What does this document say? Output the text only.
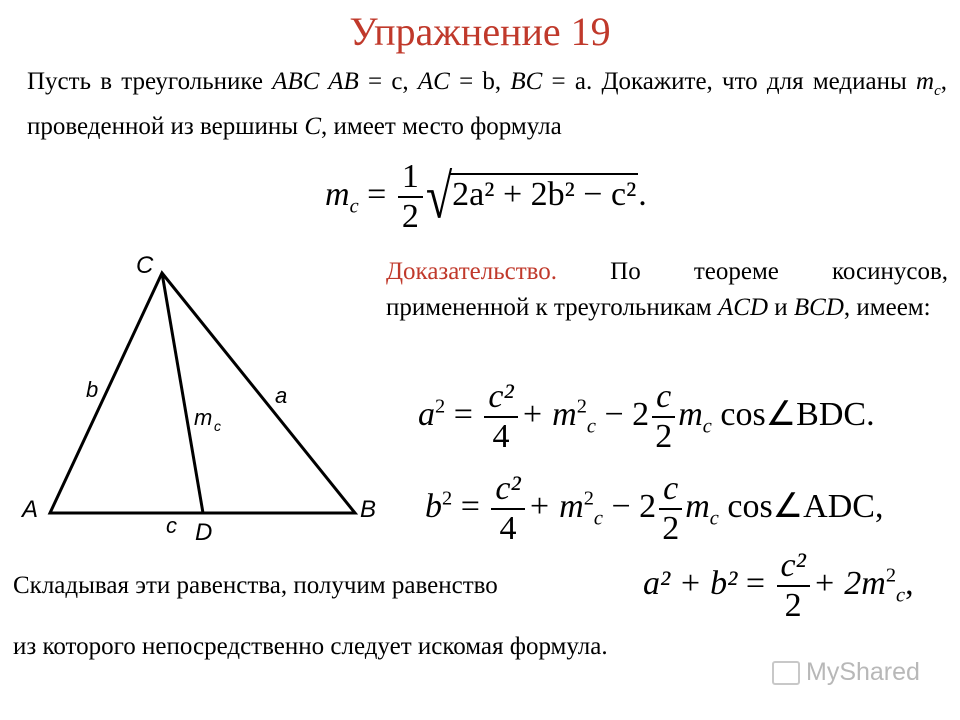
Упражнение 19
Пусть в треугольнике ABC AB = c, AC = b, BC = a. Докажите, что для медианы $m_c$, проведенной из вершины C, имеет место формула
$m_c = \frac{1}{2} √2a^2 + 2b^2 - c^2$.
C
A	B
D
b	a
c
m c
Доказательство. По теореме косинусов, примененной к треугольникам ACD и BCD, имеем:
$a^2 = \frac{\text{c²}}{4} + m^2_c - 2 \frac{c}{2} m_c$ cos∠BDC.
$b^2 = \frac{\text{c²}}{4} + m^2_c - 2 \frac{c}{2} m_c$ cos∠ADC,
Складывая эти равенства, получим равенство	$a^2 + b^2 = \frac{\text{c²}}{2} + 2m^2_c$,
из которого непосредственно следует искомая формула.
MyShared
